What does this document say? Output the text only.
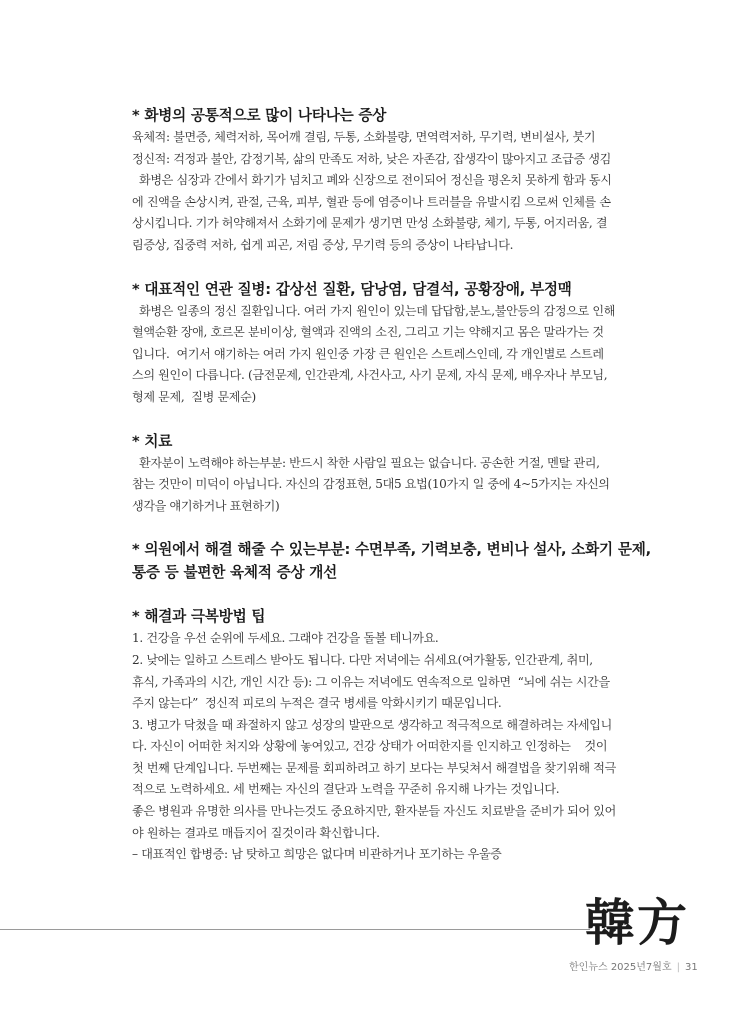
* 화병의 공통적으로 많이 나타나는 증상
육체적: 불면증, 체력저하, 목어깨 결림, 두통, 소화불량, 면역력저하, 무기력, 변비설사, 붓기
정신적: 걱정과 불안, 감정기복, 삶의 만족도 저하, 낮은 자존감, 잡생각이 많아지고 조급증 생김
화병은 심장과 간에서 화기가 넘치고 폐와 신장으로 전이되어 정신을 평온치 못하게 함과 동시
에 진액을 손상시켜, 관절, 근육, 피부, 혈관 등에 염증이나 트러블을 유발시킴 으로써 인체를 손
상시킵니다. 기가 허약해져서 소화기에 문제가 생기면 만성 소화불량, 체기, 두통, 어지러움, 결
림증상, 집중력 저하, 쉽게 피곤, 저림 증상, 무기력 등의 증상이 나타납니다.
* 대표적인 연관 질병: 갑상선 질환, 담낭염, 담결석, 공황장애, 부정맥
화병은 일종의 정신 질환입니다. 여러 가지 원인이 있는데 답답함,분노,불안등의 감정으로 인해
혈액순환 장애, 호르몬 분비이상, 혈액과 진액의 소진, 그리고 기는 약해지고 몸은 말라가는 것
입니다.  여기서 얘기하는 여러 가지 원인중 가장 큰 원인은 스트레스인데, 각 개인별로 스트레
스의 원인이 다릅니다. (금전문제, 인간관계, 사건사고, 사기 문제, 자식 문제, 배우자나 부모님,
형제 문제,  질병 문제순)
* 치료
환자분이 노력해야 하는부분: 반드시 착한 사람일 필요는 없습니다. 공손한 거절, 멘탈 관리,
참는 것만이 미덕이 아닙니다. 자신의 감정표현, 5대5 요법(10가지 일 중에 4~5가지는 자신의
생각을 얘기하거나 표현하기)
* 의원에서 해결 해줄 수 있는부분: 수면부족, 기력보충, 변비나 설사, 소화기 문제,
통증 등 불편한 육체적 증상 개선
* 해결과 극복방법 팁
1. 건강을 우선 순위에 두세요. 그래야 건강을 돌볼 테니까요.
2. 낮에는 일하고 스트레스 받아도 됩니다. 다만 저녁에는 쉬세요(여가활동, 인간관계, 취미,
휴식, 가족과의 시간, 개인 시간 등): 그 이유는 저녁에도 연속적으로 일하면  “뇌에 쉬는 시간을
주지 않는다”  정신적 피로의 누적은 결국 병세를 악화시키기 때문입니다.
3. 병고가 닥쳤을 때 좌절하지 않고 성장의 발판으로 생각하고 적극적으로 해결하려는 자세입니
다. 자신이 어떠한 처지와 상황에 놓여있고, 건강 상태가 어떠한지를 인지하고 인정하는    것이
첫 번째 단계입니다. 두번째는 문제를 회피하려고 하기 보다는 부딪쳐서 해결법을 찾기위해 적극
적으로 노력하세요. 세 번째는 자신의 결단과 노력을 꾸준히 유지해 나가는 것입니다.
좋은 병원과 유명한 의사를 만나는것도 중요하지만, 환자분들 자신도 치료받을 준비가 되어 있어
야 원하는 결과로 매듭지어 질것이라 확신합니다.
– 대표적인 합병증: 남 탓하고 희망은 없다며 비관하거나 포기하는 우울증
韓方
한인뉴스 2025년7월호 | 31
